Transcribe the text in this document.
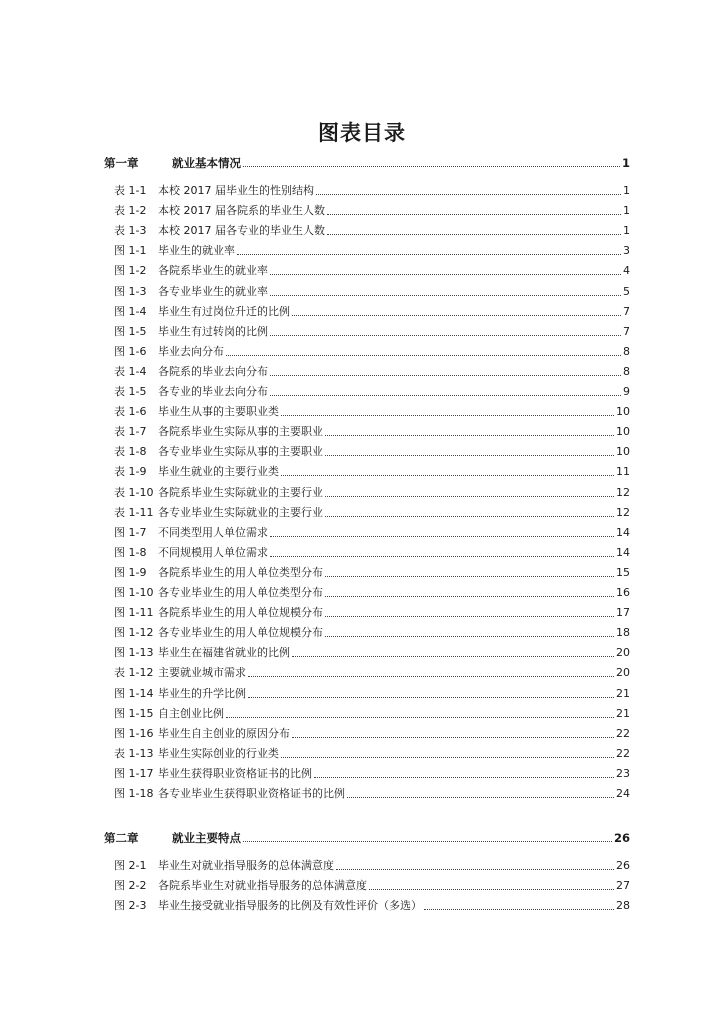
图表目录
第一章	就业基本情况	1
表 1-1	本校 2017 届毕业生的性别结构	1
表 1-2	本校 2017 届各院系的毕业生人数	1
表 1-3	本校 2017 届各专业的毕业生人数	1
图 1-1	毕业生的就业率	3
图 1-2	各院系毕业生的就业率	4
图 1-3	各专业毕业生的就业率	5
图 1-4	毕业生有过岗位升迁的比例	7
图 1-5	毕业生有过转岗的比例	7
图 1-6	毕业去向分布	8
表 1-4	各院系的毕业去向分布	8
表 1-5	各专业的毕业去向分布	9
表 1-6	毕业生从事的主要职业类	10
表 1-7	各院系毕业生实际从事的主要职业	10
表 1-8	各专业毕业生实际从事的主要职业	10
表 1-9	毕业生就业的主要行业类	11
表 1-10 各院系毕业生实际就业的主要行业	12
表 1-11 各专业毕业生实际就业的主要行业	12
图 1-7	不同类型用人单位需求	14
图 1-8	不同规模用人单位需求	14
图 1-9	各院系毕业生的用人单位类型分布	15
图 1-10 各专业毕业生的用人单位类型分布	16
图 1-11 各院系毕业生的用人单位规模分布	17
图 1-12 各专业毕业生的用人单位规模分布	18
图 1-13 毕业生在福建省就业的比例	20
表 1-12 主要就业城市需求	20
图 1-14 毕业生的升学比例	21
图 1-15 自主创业比例	21
图 1-16 毕业生自主创业的原因分布	22
表 1-13 毕业生实际创业的行业类	22
图 1-17 毕业生获得职业资格证书的比例	23
图 1-18 各专业毕业生获得职业资格证书的比例	24
第二章	就业主要特点	26
图 2-1	毕业生对就业指导服务的总体满意度	26
图 2-2	各院系毕业生对就业指导服务的总体满意度	27
图 2-3	毕业生接受就业指导服务的比例及有效性评价（多选）	28
